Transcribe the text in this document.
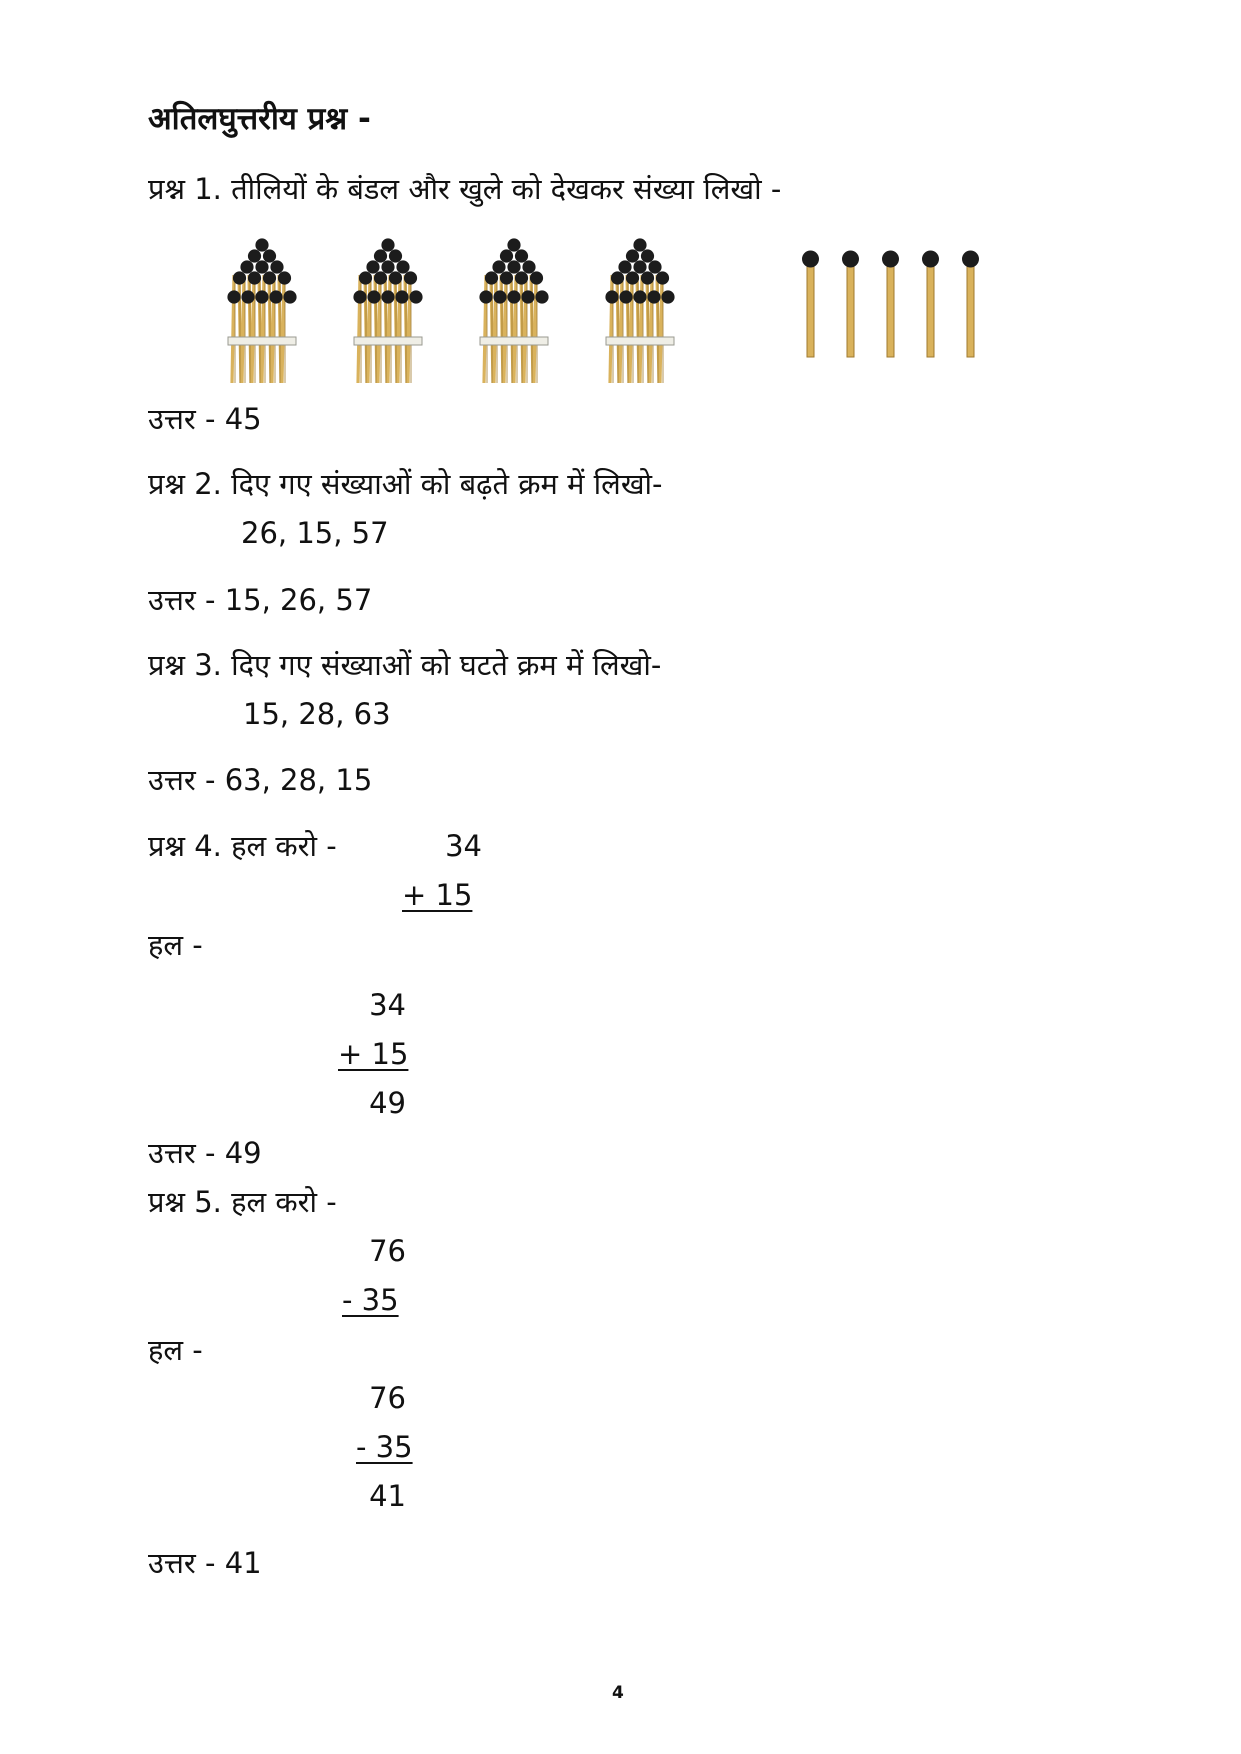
अतिलघुत्तरीय प्रश्न -
प्रश्न 1. तीलियों के बंडल और खुले को देखकर संख्या लिखो -
उत्तर - 45
प्रश्न 2. दिए गए संख्याओं को बढ़ते क्रम में लिखो-
26, 15, 57
उत्तर - 15, 26, 57
प्रश्न 3. दिए गए संख्याओं को घटते क्रम में लिखो-
15, 28, 63
उत्तर - 63, 28, 15
प्रश्न 4. हल करो -	34
+ 15
हल -
34
+ 15
49
उत्तर - 49
प्रश्न 5. हल करो -
76
- 35
हल -
76
- 35
41
उत्तर - 41
4
